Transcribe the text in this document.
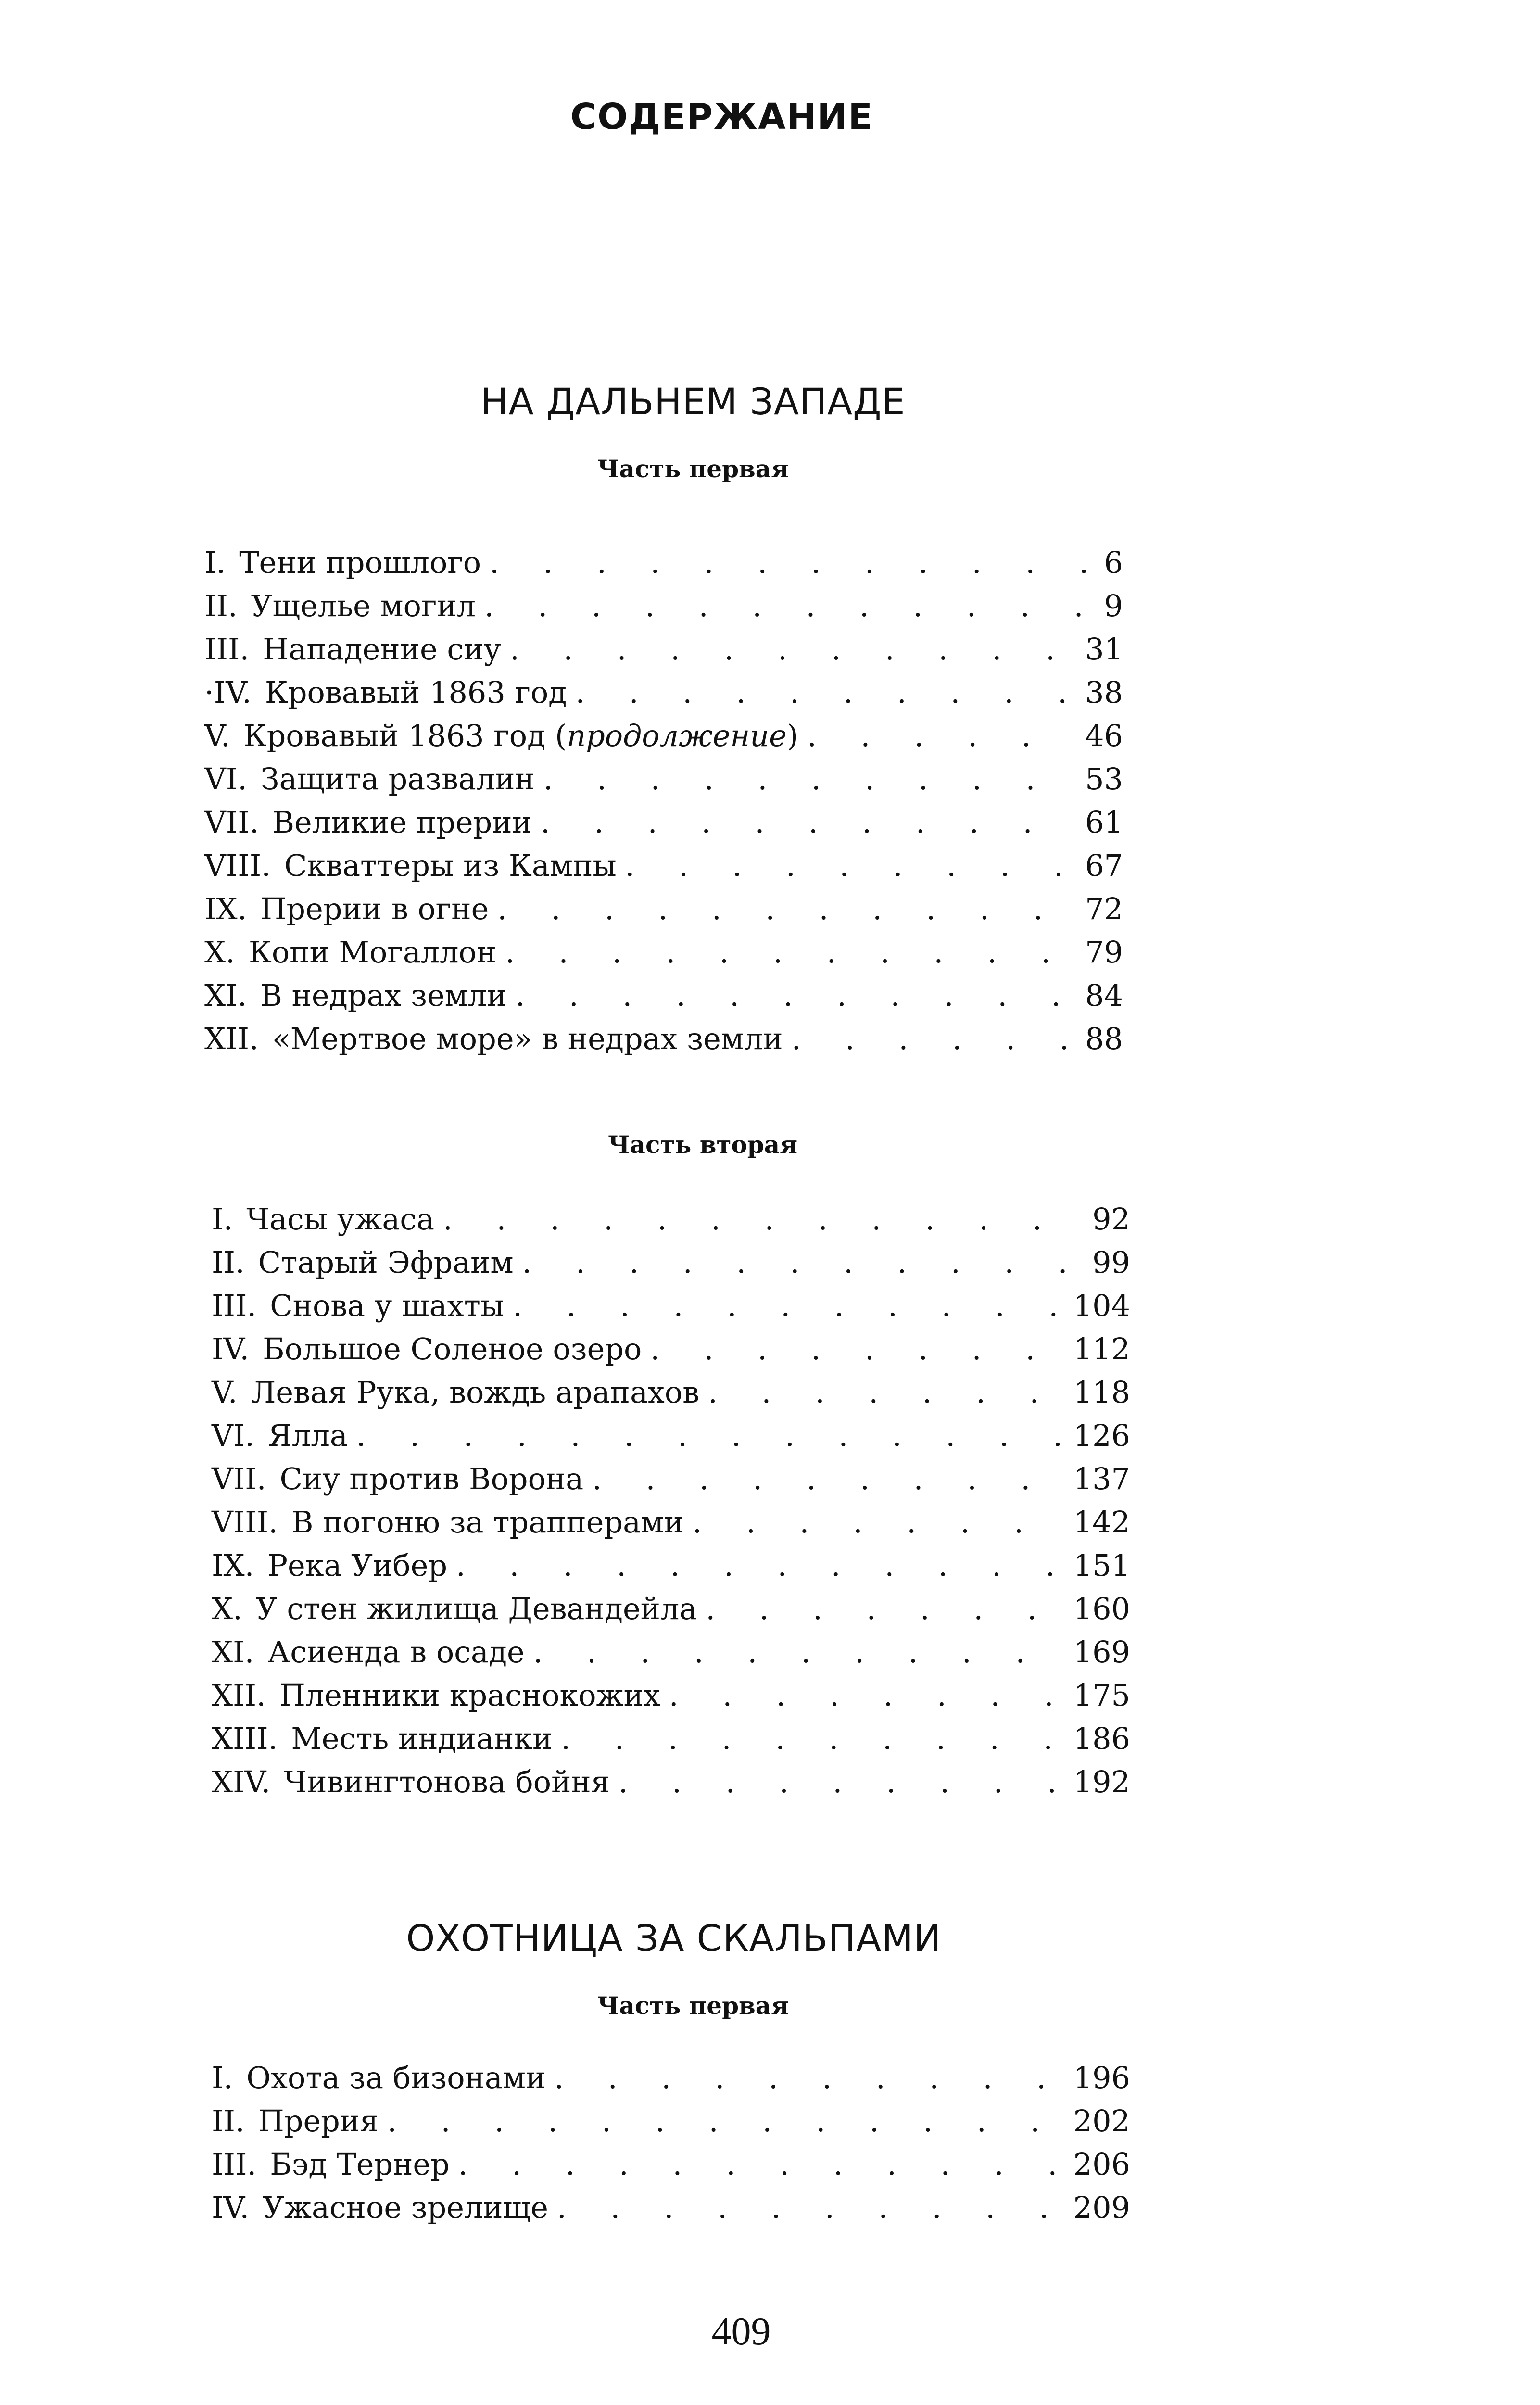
СОДЕРЖАНИЕ
НА ДАЛЬНЕМ ЗАПАДЕ
Часть первая
I. Тени прошлого . . .	6
II. Ущелье могил . . .	9
III. Нападение сиу . . .	31
·IV. Кровавый 1863 год . . .	38
V. Кровавый 1863 год (продолжение) . . .	46
VI. Защита развалин . . .	53
VII. Великие прерии . . .	61
VIII. Скваттеры из Кампы . . .	67
IX. Прерии в огне . . .	72
X. Копи Могаллон . . .	79
XI. В недрах земли . . .	84
XII. «Мертвое море» в недрах земли . . .	88
Часть вторая
I. Часы ужаса . . .	92
II. Старый Эфраим . . .	99
III. Снова у шахты . . .	104
IV. Большое Соленое озеро . . .	112
V. Левая Рука, вождь арапахов . . .	118
VI. Ялла . . .	126
VII. Сиу против Ворона . . .	137
VIII. В погоню за трапперами . . .	142
IX. Река Уибер . . .	151
X. У стен жилища Девандейла . . .	160
XI. Асиенда в осаде . . .	169
XII. Пленники краснокожих . . .	175
XIII. Месть индианки . . .	186
XIV. Чивингтонова бойня . . .	192
ОХОТНИЦА ЗА СКАЛЬПАМИ
Часть первая
I. Охота за бизонами . . .	196
II. Прерия . . .	202
III. Бэд Тернер . . .	206
IV. Ужасное зрелище . . .	209
409
